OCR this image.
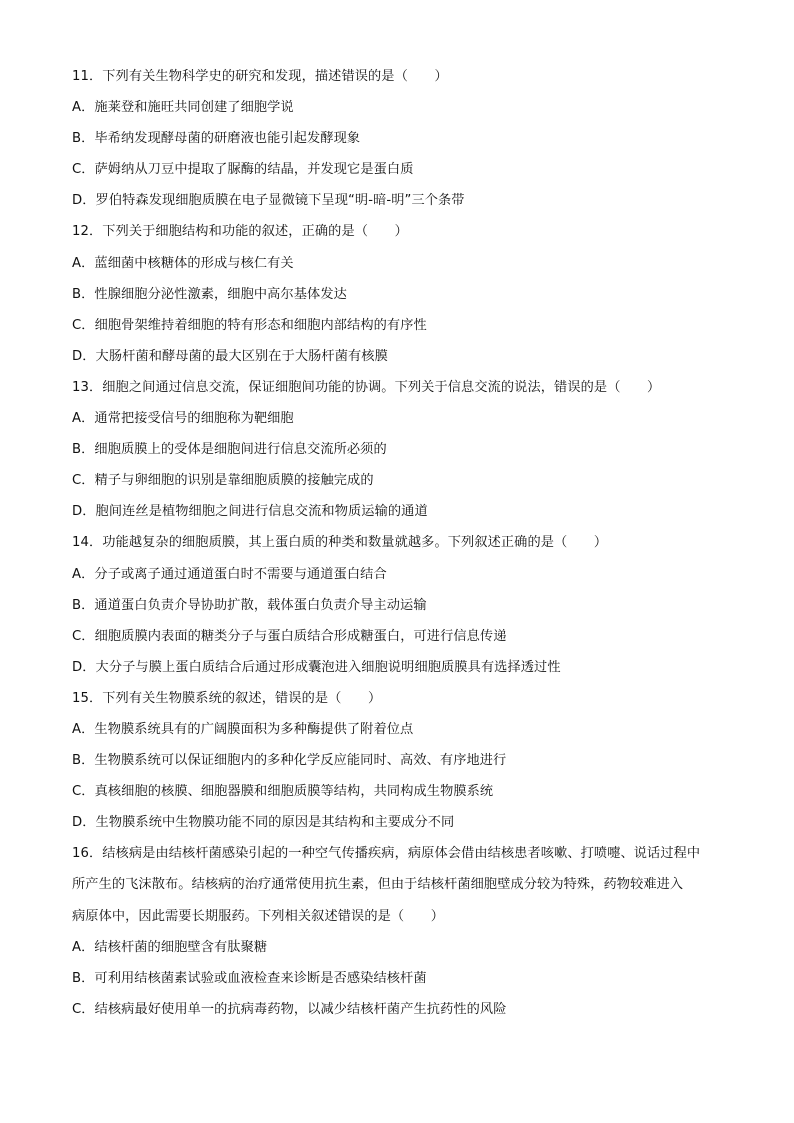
11．下列有关生物科学史的研究和发现，描述错误的是（　　）
A．施莱登和施旺共同创建了细胞学说
B．毕希纳发现酵母菌的研磨液也能引起发酵现象
C．萨姆纳从刀豆中提取了脲酶的结晶，并发现它是蛋白质
D．罗伯特森发现细胞质膜在电子显微镜下呈现“明-暗-明”三个条带
12．下列关于细胞结构和功能的叙述，正确的是（　　）
A．蓝细菌中核糖体的形成与核仁有关
B．性腺细胞分泌性激素，细胞中高尔基体发达
C．细胞骨架维持着细胞的特有形态和细胞内部结构的有序性
D．大肠杆菌和酵母菌的最大区别在于大肠杆菌有核膜
13．细胞之间通过信息交流，保证细胞间功能的协调。下列关于信息交流的说法，错误的是（　　）
A．通常把接受信号的细胞称为靶细胞
B．细胞质膜上的受体是细胞间进行信息交流所必须的
C．精子与卵细胞的识别是靠细胞质膜的接触完成的
D．胞间连丝是植物细胞之间进行信息交流和物质运输的通道
14．功能越复杂的细胞质膜，其上蛋白质的种类和数量就越多。下列叙述正确的是（　　）
A．分子或离子通过通道蛋白时不需要与通道蛋白结合
B．通道蛋白负责介导协助扩散，载体蛋白负责介导主动运输
C．细胞质膜内表面的糖类分子与蛋白质结合形成糖蛋白，可进行信息传递
D．大分子与膜上蛋白质结合后通过形成囊泡进入细胞说明细胞质膜具有选择透过性
15．下列有关生物膜系统的叙述，错误的是（　　）
A．生物膜系统具有的广阔膜面积为多种酶提供了附着位点
B．生物膜系统可以保证细胞内的多种化学反应能同时、高效、有序地进行
C．真核细胞的核膜、细胞器膜和细胞质膜等结构，共同构成生物膜系统
D．生物膜系统中生物膜功能不同的原因是其结构和主要成分不同
16．结核病是由结核杆菌感染引起的一种空气传播疾病，病原体会借由结核患者咳嗽、打喷嚏、说话过程中
所产生的飞沫散布。结核病的治疗通常使用抗生素，但由于结核杆菌细胞壁成分较为特殊，药物较难进入
病原体中，因此需要长期服药。下列相关叙述错误的是（　　）
A．结核杆菌的细胞壁含有肽聚糖
B．可利用结核菌素试验或血液检查来诊断是否感染结核杆菌
C．结核病最好使用单一的抗病毒药物，以减少结核杆菌产生抗药性的风险
